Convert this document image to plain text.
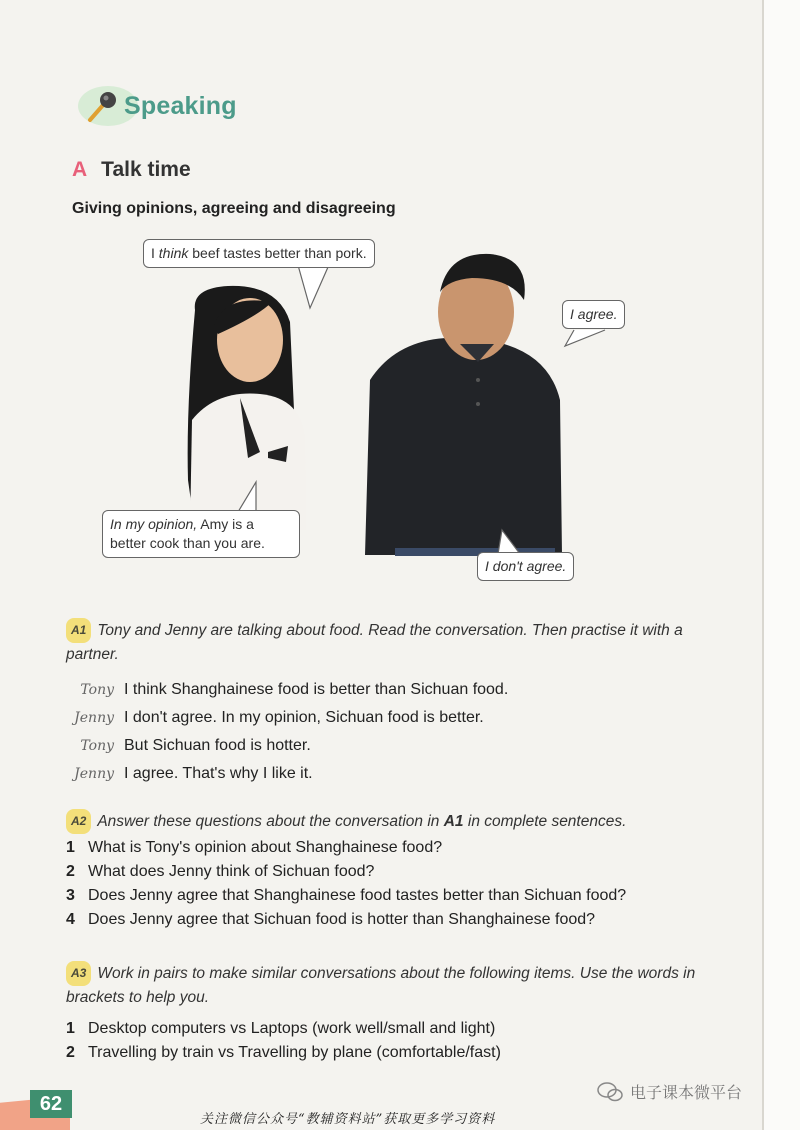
Speaking
A Talk time
Giving opinions, agreeing and disagreeing
I think beef tastes better than pork.
I agree.
In my opinion, Amy is a better cook than you are.
I don't agree.
A1 Tony and Jenny are talking about food. Read the conversation. Then practise it with a partner.
Tony I think Shanghainese food is better than Sichuan food.
Jenny I don't agree. In my opinion, Sichuan food is better.
Tony But Sichuan food is hotter.
Jenny I agree. That's why I like it.
A2 Answer these questions about the conversation in A1 in complete sentences.
1 What is Tony's opinion about Shanghainese food?
2 What does Jenny think of Sichuan food?
3 Does Jenny agree that Shanghainese food tastes better than Sichuan food?
4 Does Jenny agree that Sichuan food is hotter than Shanghainese food?
A3 Work in pairs to make similar conversations about the following items. Use the words in brackets to help you.
1 Desktop computers vs Laptops (work well/small and light)
2 Travelling by train vs Travelling by plane (comfortable/fast)
62
关注微信公众号“教辅资料站”获取更多学习资料
电子课本微平台
